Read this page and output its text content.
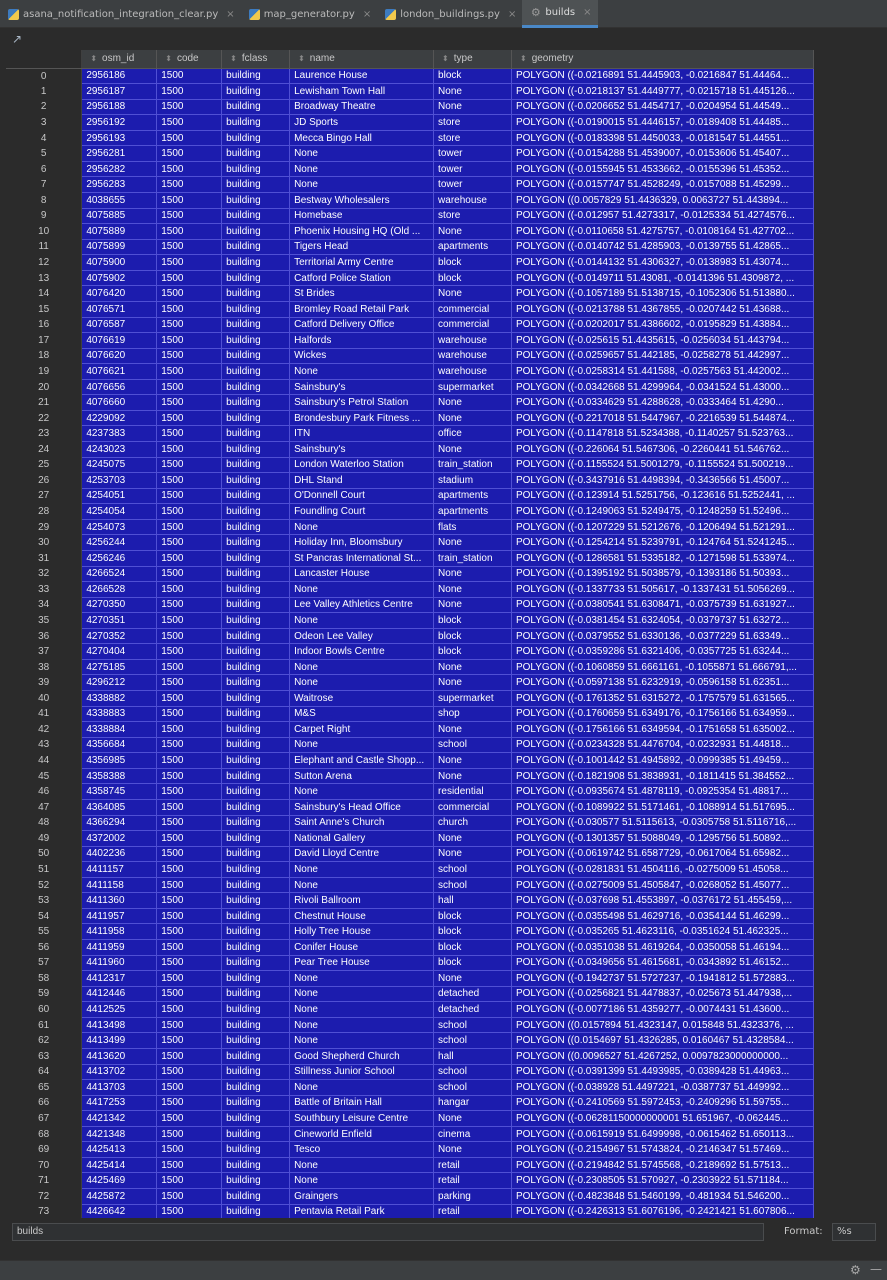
asana_notification_integration_clear.py ×	map_generator.py ×	london_buildings.py × ⚙ builds ×
↗
	⬍ osm_id	⬍ code	⬍ fclass	⬍ name	⬍ type	⬍ geometry
0	2956186	1500	building	Laurence House	block	POLYGON ((-0.0216891 51.4445903, -0.0216847 51.44464...
1	2956187	1500	building	Lewisham Town Hall	None	POLYGON ((-0.0218137 51.4449777, -0.0215718 51.445126...
2	2956188	1500	building	Broadway Theatre	None	POLYGON ((-0.0206652 51.4454717, -0.0204954 51.44549...
3	2956192	1500	building	JD Sports	store	POLYGON ((-0.0190015 51.4446157, -0.0189408 51.44485...
4	2956193	1500	building	Mecca Bingo Hall	store	POLYGON ((-0.0183398 51.4450033, -0.0181547 51.44551...
5	2956281	1500	building	None	tower	POLYGON ((-0.0154288 51.4539007, -0.0153606 51.45407...
6	2956282	1500	building	None	tower	POLYGON ((-0.0155945 51.4533662, -0.0155396 51.45352...
7	2956283	1500	building	None	tower	POLYGON ((-0.0157747 51.4528249, -0.0157088 51.45299...
8	4038655	1500	building	Bestway Wholesalers	warehouse	POLYGON ((0.0057829 51.4436329, 0.0063727 51.443894...
9	4075885	1500	building	Homebase	store	POLYGON ((-0.012957 51.4273317, -0.0125334 51.4274576...
10	4075889	1500	building	Phoenix Housing HQ (Old ...	None	POLYGON ((-0.0110658 51.4275757, -0.0108164 51.427702...
11	4075899	1500	building	Tigers Head	apartments	POLYGON ((-0.0140742 51.4285903, -0.0139755 51.42865...
12	4075900	1500	building	Territorial Army Centre	block	POLYGON ((-0.0144132 51.4306327, -0.0138983 51.43074...
13	4075902	1500	building	Catford Police Station	block	POLYGON ((-0.0149711 51.43081, -0.0141396 51.4309872, ...
14	4076420	1500	building	St Brides	None	POLYGON ((-0.1057189 51.5138715, -0.1052306 51.513880...
15	4076571	1500	building	Bromley Road Retail Park	commercial	POLYGON ((-0.0213788 51.4367855, -0.0207442 51.43688...
16	4076587	1500	building	Catford Delivery Office	commercial	POLYGON ((-0.0202017 51.4386602, -0.0195829 51.43884...
17	4076619	1500	building	Halfords	warehouse	POLYGON ((-0.025615 51.4435615, -0.0256034 51.443794...
18	4076620	1500	building	Wickes	warehouse	POLYGON ((-0.0259657 51.442185, -0.0258278 51.442997...
19	4076621	1500	building	None	warehouse	POLYGON ((-0.0258314 51.441588, -0.0257563 51.442002...
20	4076656	1500	building	Sainsbury's	supermarket	POLYGON ((-0.0342668 51.4299964, -0.0341524 51.43000...
21	4076660	1500	building	Sainsbury's Petrol Station	None	POLYGON ((-0.0334629 51.4288628, -0.0333464 51.4290...
22	4229092	1500	building	Brondesbury Park Fitness ...	None	POLYGON ((-0.2217018 51.5447967, -0.2216539 51.544874...
23	4237383	1500	building	ITN	office	POLYGON ((-0.1147818 51.5234388, -0.1140257 51.523763...
24	4243023	1500	building	Sainsbury's	None	POLYGON ((-0.226064 51.5467306, -0.2260441 51.546762...
25	4245075	1500	building	London Waterloo Station	train_station	POLYGON ((-0.1155524 51.5001279, -0.1155524 51.500219...
26	4253703	1500	building	DHL Stand	stadium	POLYGON ((-0.3437916 51.4498394, -0.3436566 51.45007...
27	4254051	1500	building	O'Donnell Court	apartments	POLYGON ((-0.123914 51.5251756, -0.123616 51.5252441, ...
28	4254054	1500	building	Foundling Court	apartments	POLYGON ((-0.1249063 51.5249475, -0.1248259 51.52496...
29	4254073	1500	building	None	flats	POLYGON ((-0.1207229 51.5212676, -0.1206494 51.521291...
30	4256244	1500	building	Holiday Inn, Bloomsbury	None	POLYGON ((-0.1254214 51.5239791, -0.124764 51.5241245...
31	4256246	1500	building	St Pancras International St...	train_station	POLYGON ((-0.1286581 51.5335182, -0.1271598 51.533974...
32	4266524	1500	building	Lancaster House	None	POLYGON ((-0.1395192 51.5038579, -0.1393186 51.50393...
33	4266528	1500	building	None	None	POLYGON ((-0.1337733 51.505617, -0.1337431 51.5056269...
34	4270350	1500	building	Lee Valley Athletics Centre	None	POLYGON ((-0.0380541 51.6308471, -0.0375739 51.631927...
35	4270351	1500	building	None	block	POLYGON ((-0.0381454 51.6324054, -0.0379737 51.63272...
36	4270352	1500	building	Odeon Lee Valley	block	POLYGON ((-0.0379552 51.6330136, -0.0377229 51.63349...
37	4270404	1500	building	Indoor Bowls Centre	block	POLYGON ((-0.0359286 51.6321406, -0.0357725 51.63244...
38	4275185	1500	building	None	None	POLYGON ((-0.1060859 51.6661161, -0.1055871 51.666791,...
39	4296212	1500	building	None	None	POLYGON ((-0.0597138 51.6232919, -0.0596158 51.62351...
40	4338882	1500	building	Waitrose	supermarket	POLYGON ((-0.1761352 51.6315272, -0.1757579 51.631565...
41	4338883	1500	building	M&S	shop	POLYGON ((-0.1760659 51.6349176, -0.1756166 51.634959...
42	4338884	1500	building	Carpet Right	None	POLYGON ((-0.1756166 51.6349594, -0.1751658 51.635002...
43	4356684	1500	building	None	school	POLYGON ((-0.0234328 51.4476704, -0.0232931 51.44818...
44	4356985	1500	building	Elephant and Castle Shopp...	None	POLYGON ((-0.1001442 51.4945892, -0.0999385 51.49459...
45	4358388	1500	building	Sutton Arena	None	POLYGON ((-0.1821908 51.3838931, -0.1811415 51.384552...
46	4358745	1500	building	None	residential	POLYGON ((-0.0935674 51.4878119, -0.0925354 51.48817...
47	4364085	1500	building	Sainsbury's Head Office	commercial	POLYGON ((-0.1089922 51.5171461, -0.1088914 51.517695...
48	4366294	1500	building	Saint Anne's Church	church	POLYGON ((-0.030577 51.5115613, -0.0305758 51.5116716,...
49	4372002	1500	building	National Gallery	None	POLYGON ((-0.1301357 51.5088049, -0.1295756 51.50892...
50	4402236	1500	building	David Lloyd Centre	None	POLYGON ((-0.0619742 51.6587729, -0.0617064 51.65982...
51	4411157	1500	building	None	school	POLYGON ((-0.0281831 51.4504116, -0.0275009 51.45058...
52	4411158	1500	building	None	school	POLYGON ((-0.0275009 51.4505847, -0.0268052 51.45077...
53	4411360	1500	building	Rivoli Ballroom	hall	POLYGON ((-0.037698 51.4553897, -0.0376172 51.455459,...
54	4411957	1500	building	Chestnut House	block	POLYGON ((-0.0355498 51.4629716, -0.0354144 51.46299...
55	4411958	1500	building	Holly Tree House	block	POLYGON ((-0.035265 51.4623116, -0.0351624 51.462325...
56	4411959	1500	building	Conifer House	block	POLYGON ((-0.0351038 51.4619264, -0.0350058 51.46194...
57	4411960	1500	building	Pear Tree House	block	POLYGON ((-0.0349656 51.4615681, -0.0343892 51.46152...
58	4412317	1500	building	None	None	POLYGON ((-0.1942737 51.5727237, -0.1941812 51.572883...
59	4412446	1500	building	None	detached	POLYGON ((-0.0256821 51.4478837, -0.025673 51.447938,...
60	4412525	1500	building	None	detached	POLYGON ((-0.0077186 51.4359277, -0.0074431 51.43600...
61	4413498	1500	building	None	school	POLYGON ((0.0157894 51.4323147, 0.015848 51.4323376, ...
62	4413499	1500	building	None	school	POLYGON ((0.0154697 51.4326285, 0.0160467 51.4328584...
63	4413620	1500	building	Good Shepherd Church	hall	POLYGON ((0.0096527 51.4267252, 0.0097823000000000...
64	4413702	1500	building	Stillness Junior School	school	POLYGON ((-0.0391399 51.4493985, -0.0389428 51.44963...
65	4413703	1500	building	None	school	POLYGON ((-0.038928 51.4497221, -0.0387737 51.449992...
66	4417253	1500	building	Battle of Britain Hall	hangar	POLYGON ((-0.2410569 51.5972453, -0.2409296 51.59755...
67	4421342	1500	building	Southbury Leisure Centre	None	POLYGON ((-0.06281150000000001 51.651967, -0.062445...
68	4421348	1500	building	Cineworld Enfield	cinema	POLYGON ((-0.0615919 51.6499998, -0.0615462 51.650113...
69	4425413	1500	building	Tesco	None	POLYGON ((-0.2154967 51.5743824, -0.2146347 51.57469...
70	4425414	1500	building	None	retail	POLYGON ((-0.2194842 51.5745568, -0.2189692 51.57513...
71	4425469	1500	building	None	retail	POLYGON ((-0.2308505 51.570927, -0.2303922 51.571184...
72	4425872	1500	building	Graingers	parking	POLYGON ((-0.4823848 51.5460199, -0.481934 51.546200...
73	4426642	1500	building	Pentavia Retail Park	retail	POLYGON ((-0.2426313 51.6076196, -0.2421421 51.607806...
builds	Format:	%s
⚙ —
